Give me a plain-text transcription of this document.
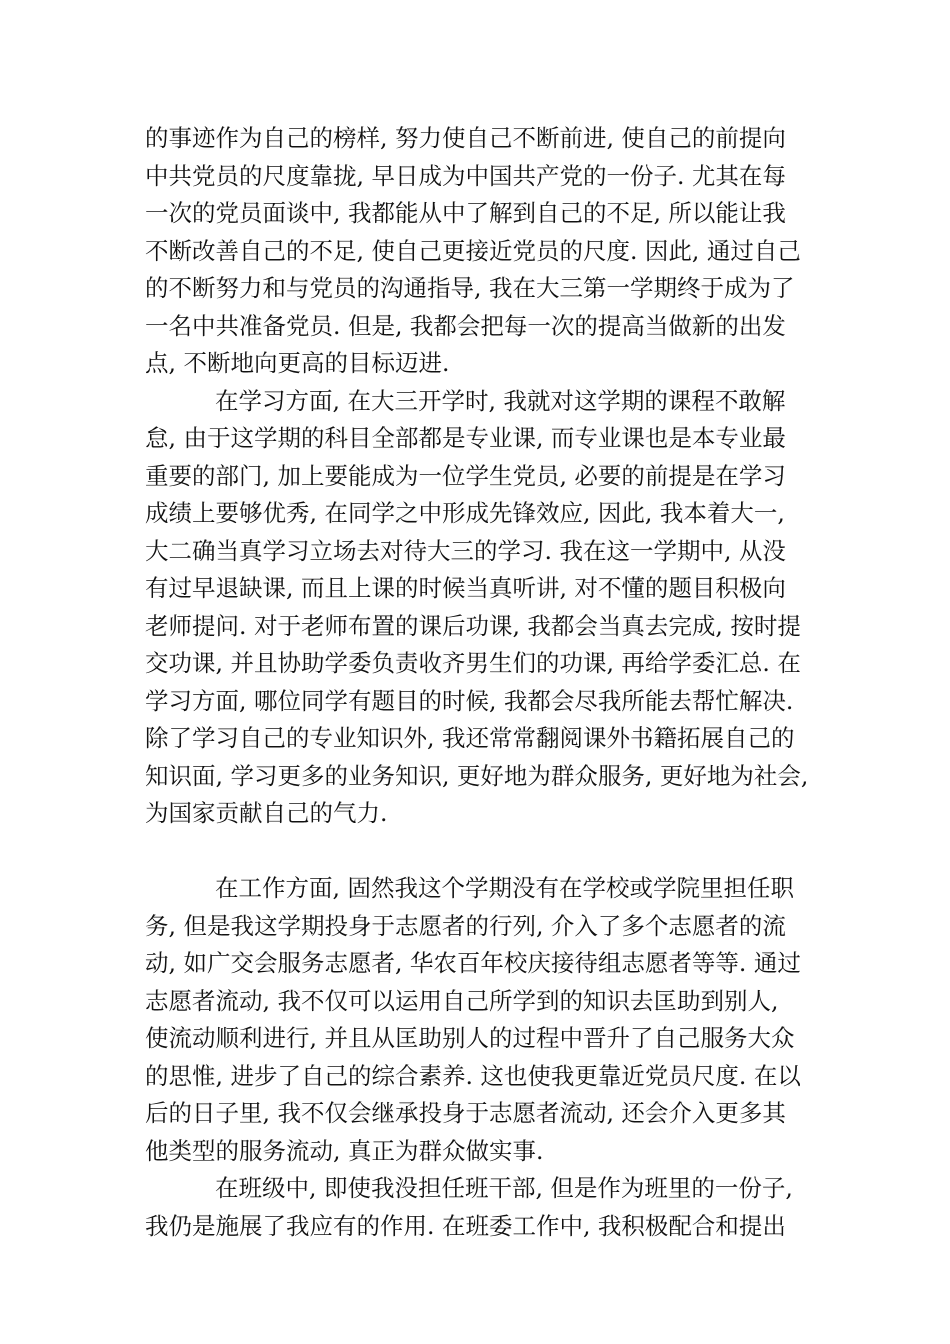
的事迹作为自己的榜样, 努力使自己不断前进, 使自己的前提向
中共党员的尺度靠拢, 早日成为中国共产党的一份子. 尤其在每
一次的党员面谈中, 我都能从中了解到自己的不足, 所以能让我
不断改善自己的不足, 使自己更接近党员的尺度. 因此, 通过自己
的不断努力和与党员的沟通指导, 我在大三第一学期终于成为了
一名中共准备党员. 但是, 我都会把每一次的提高当做新的出发
点, 不断地向更高的目标迈进.
在学习方面, 在大三开学时, 我就对这学期的课程不敢解
怠, 由于这学期的科目全部都是专业课, 而专业课也是本专业最
重要的部门, 加上要能成为一位学生党员, 必要的前提是在学习
成绩上要够优秀, 在同学之中形成先锋效应, 因此, 我本着大一,
大二确当真学习立场去对待大三的学习. 我在这一学期中, 从没
有过早退缺课, 而且上课的时候当真听讲, 对不懂的题目积极向
老师提问. 对于老师布置的课后功课, 我都会当真去完成, 按时提
交功课, 并且协助学委负责收齐男生们的功课, 再给学委汇总. 在
学习方面, 哪位同学有题目的时候, 我都会尽我所能去帮忙解决.
除了学习自己的专业知识外, 我还常常翻阅课外书籍拓展自己的
知识面, 学习更多的业务知识, 更好地为群众服务, 更好地为社会,
为国家贡献自己的气力.
在工作方面, 固然我这个学期没有在学校或学院里担任职
务, 但是我这学期投身于志愿者的行列, 介入了多个志愿者的流
动, 如广交会服务志愿者, 华农百年校庆接待组志愿者等等. 通过
志愿者流动, 我不仅可以运用自己所学到的知识去匡助到别人,
使流动顺利进行, 并且从匡助别人的过程中晋升了自己服务大众
的思惟, 进步了自己的综合素养. 这也使我更靠近党员尺度. 在以
后的日子里, 我不仅会继承投身于志愿者流动, 还会介入更多其
他类型的服务流动, 真正为群众做实事.
在班级中, 即使我没担任班干部, 但是作为班里的一份子,
我仍是施展了我应有的作用. 在班委工作中, 我积极配合和提出
